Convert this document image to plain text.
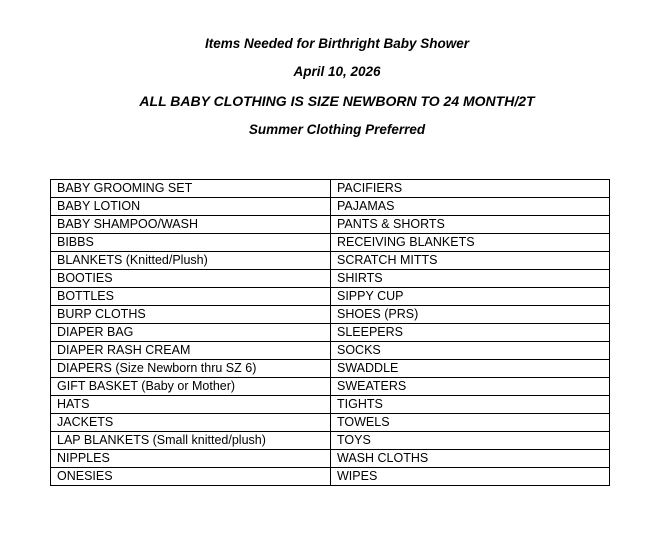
Items Needed for Birthright Baby Shower
April 10, 2026
ALL BABY CLOTHING IS SIZE NEWBORN TO 24 MONTH/2T
Summer Clothing Preferred
BABY GROOMING SET	PACIFIERS
BABY LOTION	PAJAMAS
BABY SHAMPOO/WASH	PANTS & SHORTS
BIBBS	RECEIVING BLANKETS
BLANKETS (Knitted/Plush)	SCRATCH MITTS
BOOTIES	SHIRTS
BOTTLES	SIPPY CUP
BURP CLOTHS	SHOES (PRS)
DIAPER BAG	SLEEPERS
DIAPER RASH CREAM	SOCKS
DIAPERS (Size Newborn thru SZ 6)	SWADDLE
GIFT BASKET (Baby or Mother)	SWEATERS
HATS	TIGHTS
JACKETS	TOWELS
LAP BLANKETS (Small knitted/plush)	TOYS
NIPPLES	WASH CLOTHS
ONESIES	WIPES
